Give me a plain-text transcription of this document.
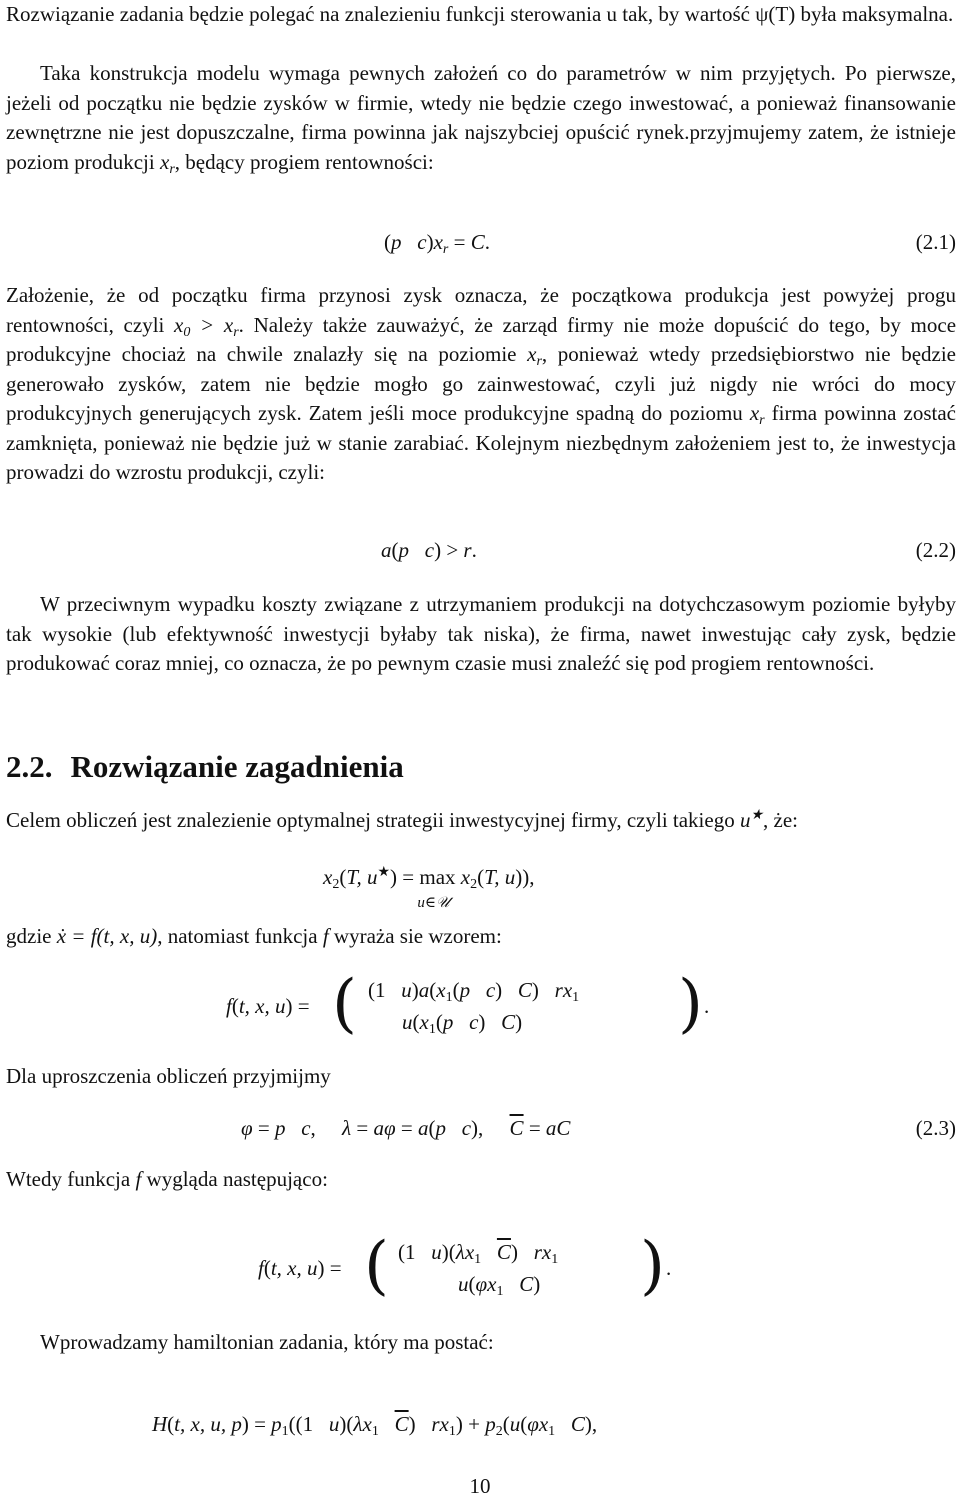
Rozwiązanie zadania będzie polegać na znalezieniu funkcji sterowania u tak, by wartość ψ(T) była maksymalna.

Taka konstrukcja modelu wymaga pewnych założeń co do parametrów w nim przyjętych. Po pierwsze, jeżeli od początku nie będzie zysków w firmie, wtedy nie będzie czego inwestować, a ponieważ finansowanie zewnętrzne nie jest dopuszczalne, firma powinna jak najszybciej opuścić rynek.przyjmujemy zatem, że istnieje poziom produkcji $x_r$, będący progiem rentowności:

(p $c)x_r = C$.	(2.1)

Założenie, że od początku firma przynosi zysk oznacza, że początkowa produkcja jest powyżej progu rentowności, czyli $x_0 > x_r$. Należy także zauważyć, że zarząd firmy nie może dopuścić do tego, by moce produkcyjne chociaż na chwile znalazły się na poziomie $x_r$, ponieważ wtedy przedsiębiorstwo nie będzie generowało zysków, zatem nie będzie mogło go zainwestować, czyli już nigdy nie wróci do mocy produkcyjnych generujących zysk. Zatem jeśli moce produkcyjne spadną do poziomu $x_r$ firma powinna zostać zamknięta, ponieważ nie będzie już w stanie zarabiać. Kolejnym niezbędnym założeniem jest to, że inwestycja prowadzi do wzrostu produkcji, czyli:

a(p c) > r.	(2.2)

W przeciwnym wypadku koszty związane z utrzymaniem produkcji na dotychczasowym poziomie byłyby tak wysokie (lub efektywność inwestycji byłaby tak niska), że firma, nawet inwestując cały zysk, będzie produkować coraz mniej, co oznacza, że po pewnym czasie musi znaleźć się pod progiem rentowności.

2.2. Rozwiązanie zagadnienia

Celem obliczeń jest znalezienie optymalnej strategii inwestycyjnej firmy, czyli takiego u★, że:

$x_2(T$, u★) = max
u∈𝒰
$x_2(T$, u)),

gdzie ẋ = f(t, x, u), natomiast funkcja f wyraża sie wzorem:

f(t, x, u) = ( (1   $u)a(x_1(p$ c)   C)   $rx_1$
$u(x_1(p$ c)   C) ) .

Dla uproszczenia obliczeń przyjmijmy

φ = p c,     λ = aφ = a(p c),     $\overline{C}$ = aC	(2.3)

Wtedy funkcja f wygląda następująco:

f(t, x, u) = ( (1   $u)(\lambda x_1$ $\overline{C}$)   $rx_1$
$u(\varphi x_1$ C) ) .

Wprowadzamy hamiltonian zadania, który ma postać:

H(t, x, u, $p) = p_1((1$   $u)(\lambda x_1$ $\overline{C}$)   $rx_1) + p_2(u(\varphi x_1$ C),
10
